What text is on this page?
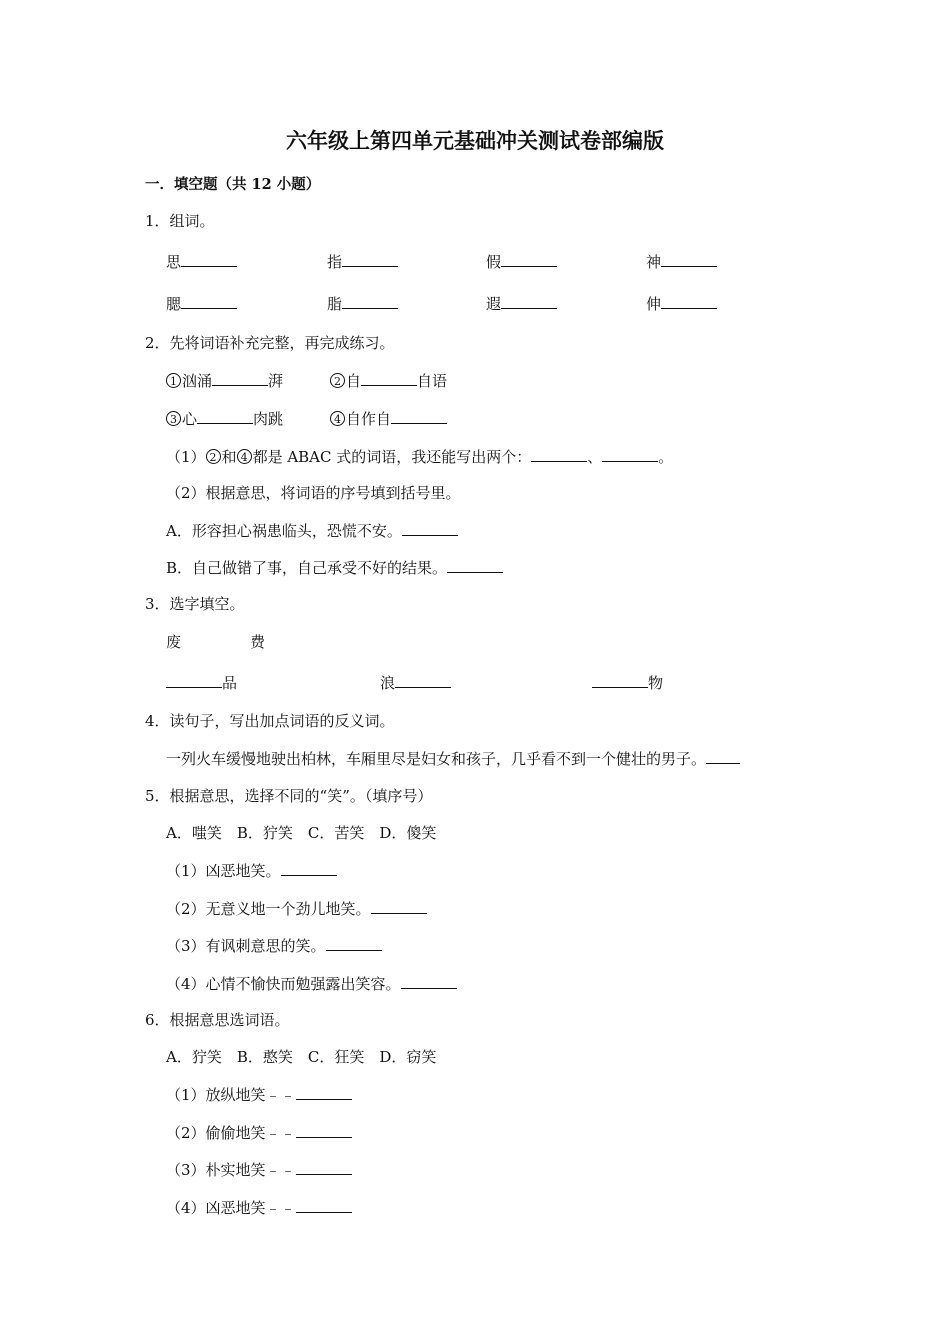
六年级上第四单元基础冲关测试卷部编版
一．填空题（共 12 小题）
1．组词。
思	指	假	神
腮	脂	遐	伸
2．先将词语补充完整，再完成练习。
1 汹涌	湃	2 自	自语
3 心	肉跳	4 自作自
（1） 2 和 4 都是 ABAC 式的词语，我还能写出两个：	、	。
（2）根据意思，将词语的序号填到括号里。
A．形容担心祸患临头，恐慌不安。
B．自己做错了事，自己承受不好的结果。
3．选字填空。
废	费
品	浪	物
4．读句子，写出加点词语的反义词。
一列火车缓慢地驶出柏林，车厢里尽是妇女和孩子，几乎看不到一个健壮的男子。
5．根据意思，选择不同的“笑”。（填序号）
A．嗤笑　B．狞笑　C．苦笑　D．傻笑
（1）凶恶地笑。
（2）无意义地一个劲儿地笑。
（3）有讽刺意思的笑。
（4）心情不愉快而勉强露出笑容。
6．根据意思选词语。
A．狞笑　B．憨笑　C．狂笑　D．窃笑
（1）放纵地笑﹣﹣
（2）偷偷地笑﹣﹣
（3）朴实地笑﹣﹣
（4）凶恶地笑﹣﹣
